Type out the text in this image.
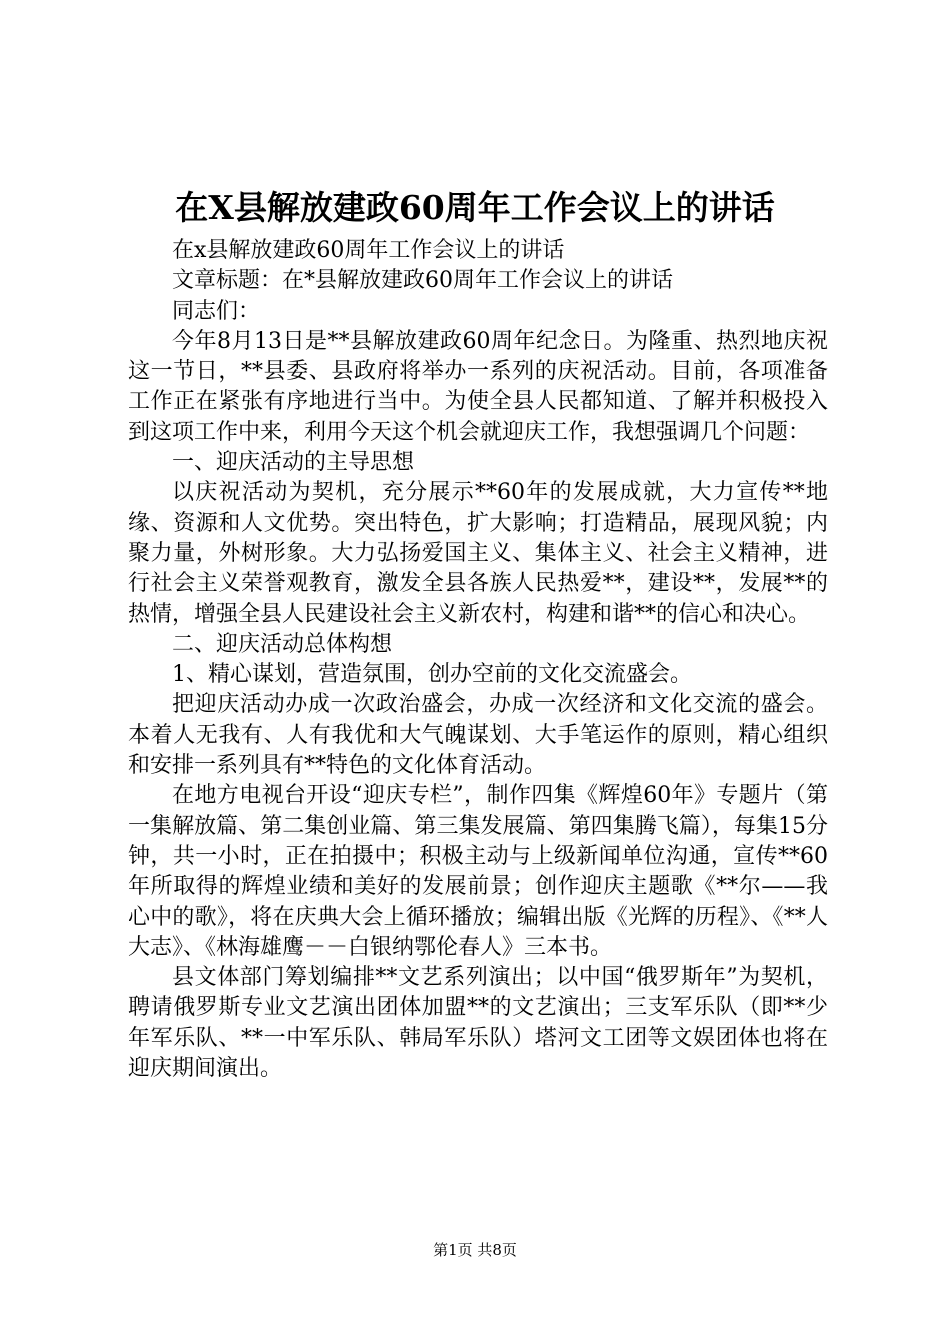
在X县解放建政60周年工作会议上的讲话

在x县解放建政60周年工作会议上的讲话

文章标题：在*县解放建政60周年工作会议上的讲话

同志们：

今年8月13日是**县解放建政60周年纪念日。为隆重、热烈地庆祝这一节日，**县委、县政府将举办一系列的庆祝活动。目前，各项准备工作正在紧张有序地进行当中。为使全县人民都知道、了解并积极投入到这项工作中来，利用今天这个机会就迎庆工作，我想强调几个问题：

一、迎庆活动的主导思想

以庆祝活动为契机，充分展示**60年的发展成就，大力宣传**地缘、资源和人文优势。突出特色，扩大影响；打造精品，展现风貌；内聚力量，外树形象。大力弘扬爱国主义、集体主义、社会主义精神，进行社会主义荣誉观教育，激发全县各族人民热爱**，建设**，发展**的热情，增强全县人民建设社会主义新农村，构建和谐**的信心和决心。

二、迎庆活动总体构想

1、精心谋划，营造氛围，创办空前的文化交流盛会。

把迎庆活动办成一次政治盛会，办成一次经济和文化交流的盛会。本着人无我有、人有我优和大气魄谋划、大手笔运作的原则，精心组织和安排一系列具有**特色的文化体育活动。

在地方电视台开设“迎庆专栏”，制作四集《辉煌60年》专题片（第一集解放篇、第二集创业篇、第三集发展篇、第四集腾飞篇），每集15分钟，共一小时，正在拍摄中；积极主动与上级新闻单位沟通，宣传**60年所取得的辉煌业绩和美好的发展前景；创作迎庆主题歌《**尔——我心中的歌》，将在庆典大会上循环播放；编辑出版《光辉的历程》、《**人大志》、《林海雄鹰－－白银纳鄂伦春人》三本书。

县文体部门筹划编排**文艺系列演出；以中国“俄罗斯年”为契机，聘请俄罗斯专业文艺演出团体加盟**的文艺演出；三支军乐队（即**少年军乐队、**一中军乐队、韩局军乐队）塔河文工团等文娱团体也将在迎庆期间演出。

第1页 共8页
